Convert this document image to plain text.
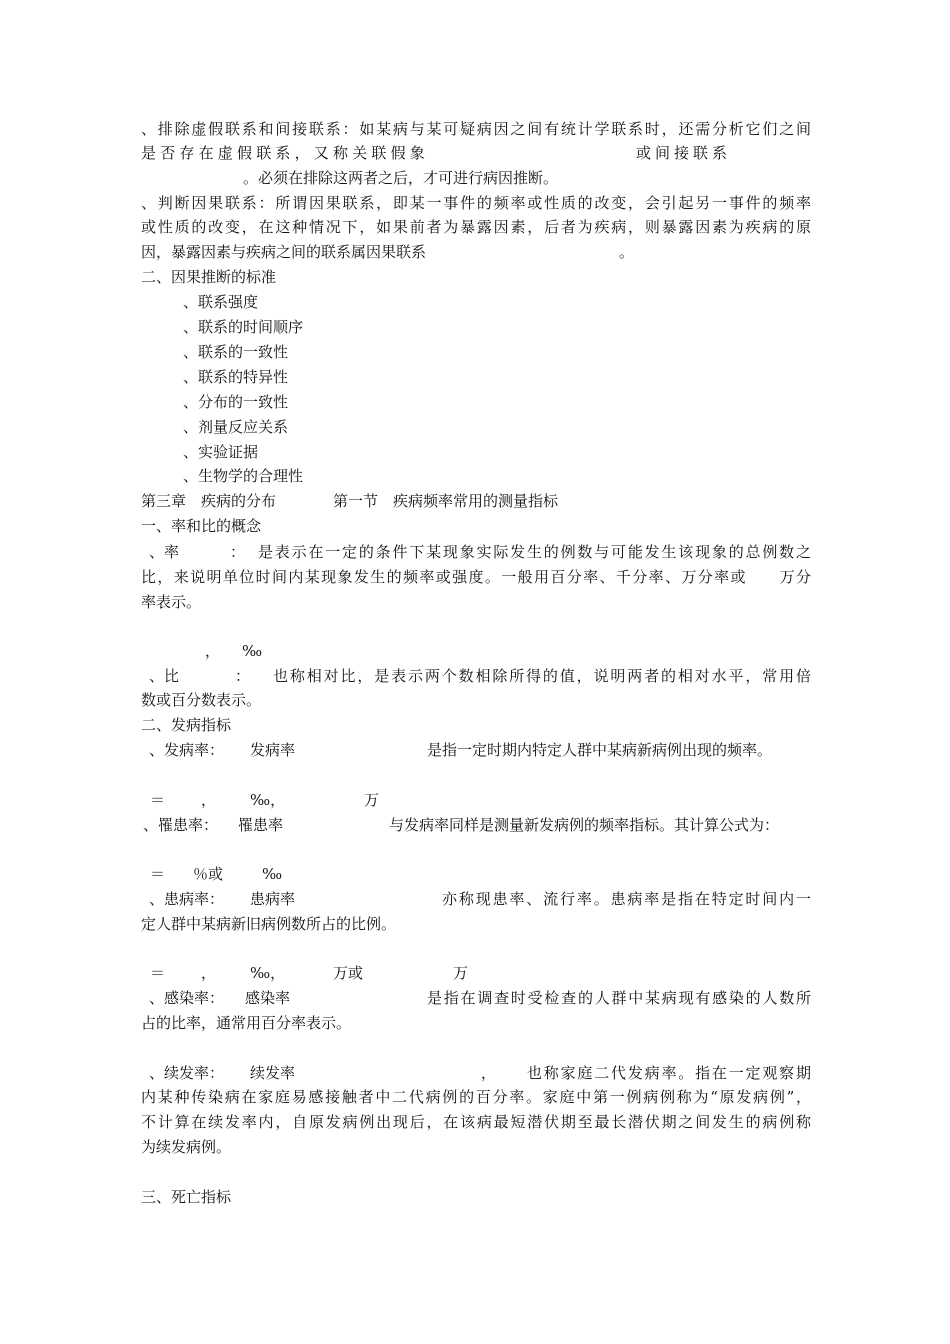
、排除虚假联系和间接联系：如某病与某可疑病因之间有统计学联系时，还需分析它们之间
是否存在虚假联系，又称关联假象	或间接联系
。必须在排除这两者之后，才可进行病因推断。
、判断因果联系：所谓因果联系，即某一事件的频率或性质的改变，会引起另一事件的频率
或性质的改变，在这种情况下，如果前者为暴露因素，后者为疾病，则暴露因素为疾病的原
因，暴露因素与疾病之间的联系属因果联系	。
二、因果推断的标准
、联系强度
、联系的时间顺序
、联系的一致性
、联系的特异性
、分布的一致性
、剂量反应关系
、实验证据
、生物学的合理性
第三章　疾病的分布	第一节　疾病频率常用的测量指标
一、率和比的概念
、率	： 是表示在一定的条件下某现象实际发生的例数与可能发生该现象的总例数之
比，来说明单位时间内某现象发生的频率或强度。一般用百分率、千分率、万分率或　　万分
率表示。
， ‰
、比	： 也称相对比，是表示两个数相除所得的值，说明两者的相对水平，常用倍
数或百分数表示。
二、发病指标
、发病率： 发病率	是指一定时期内特定人群中某病新病例出现的频率。
＝ ， ‰，	万
、罹患率： 罹患率	与发病率同样是测量新发病例的频率指标。其计算公式为：
＝ ％或	‰
、患病率： 患病率	亦称现患率、流行率。患病率是指在特定时间内一
定人群中某病新旧病例数所占的比例。
＝ ， ‰，	万或	万
、感染率： 感染率	是指在调查时受检查的人群中某病现有感染的人数所
占的比率，通常用百分率表示。
、续发率： 续发率	， 也称家庭二代发病率。指在一定观察期
内某种传染病在家庭易感接触者中二代病例的百分率。家庭中第一例病例称为“原发病例”，
不计算在续发率内，自原发病例出现后，在该病最短潜伏期至最长潜伏期之间发生的病例称
为续发病例。
三、死亡指标
